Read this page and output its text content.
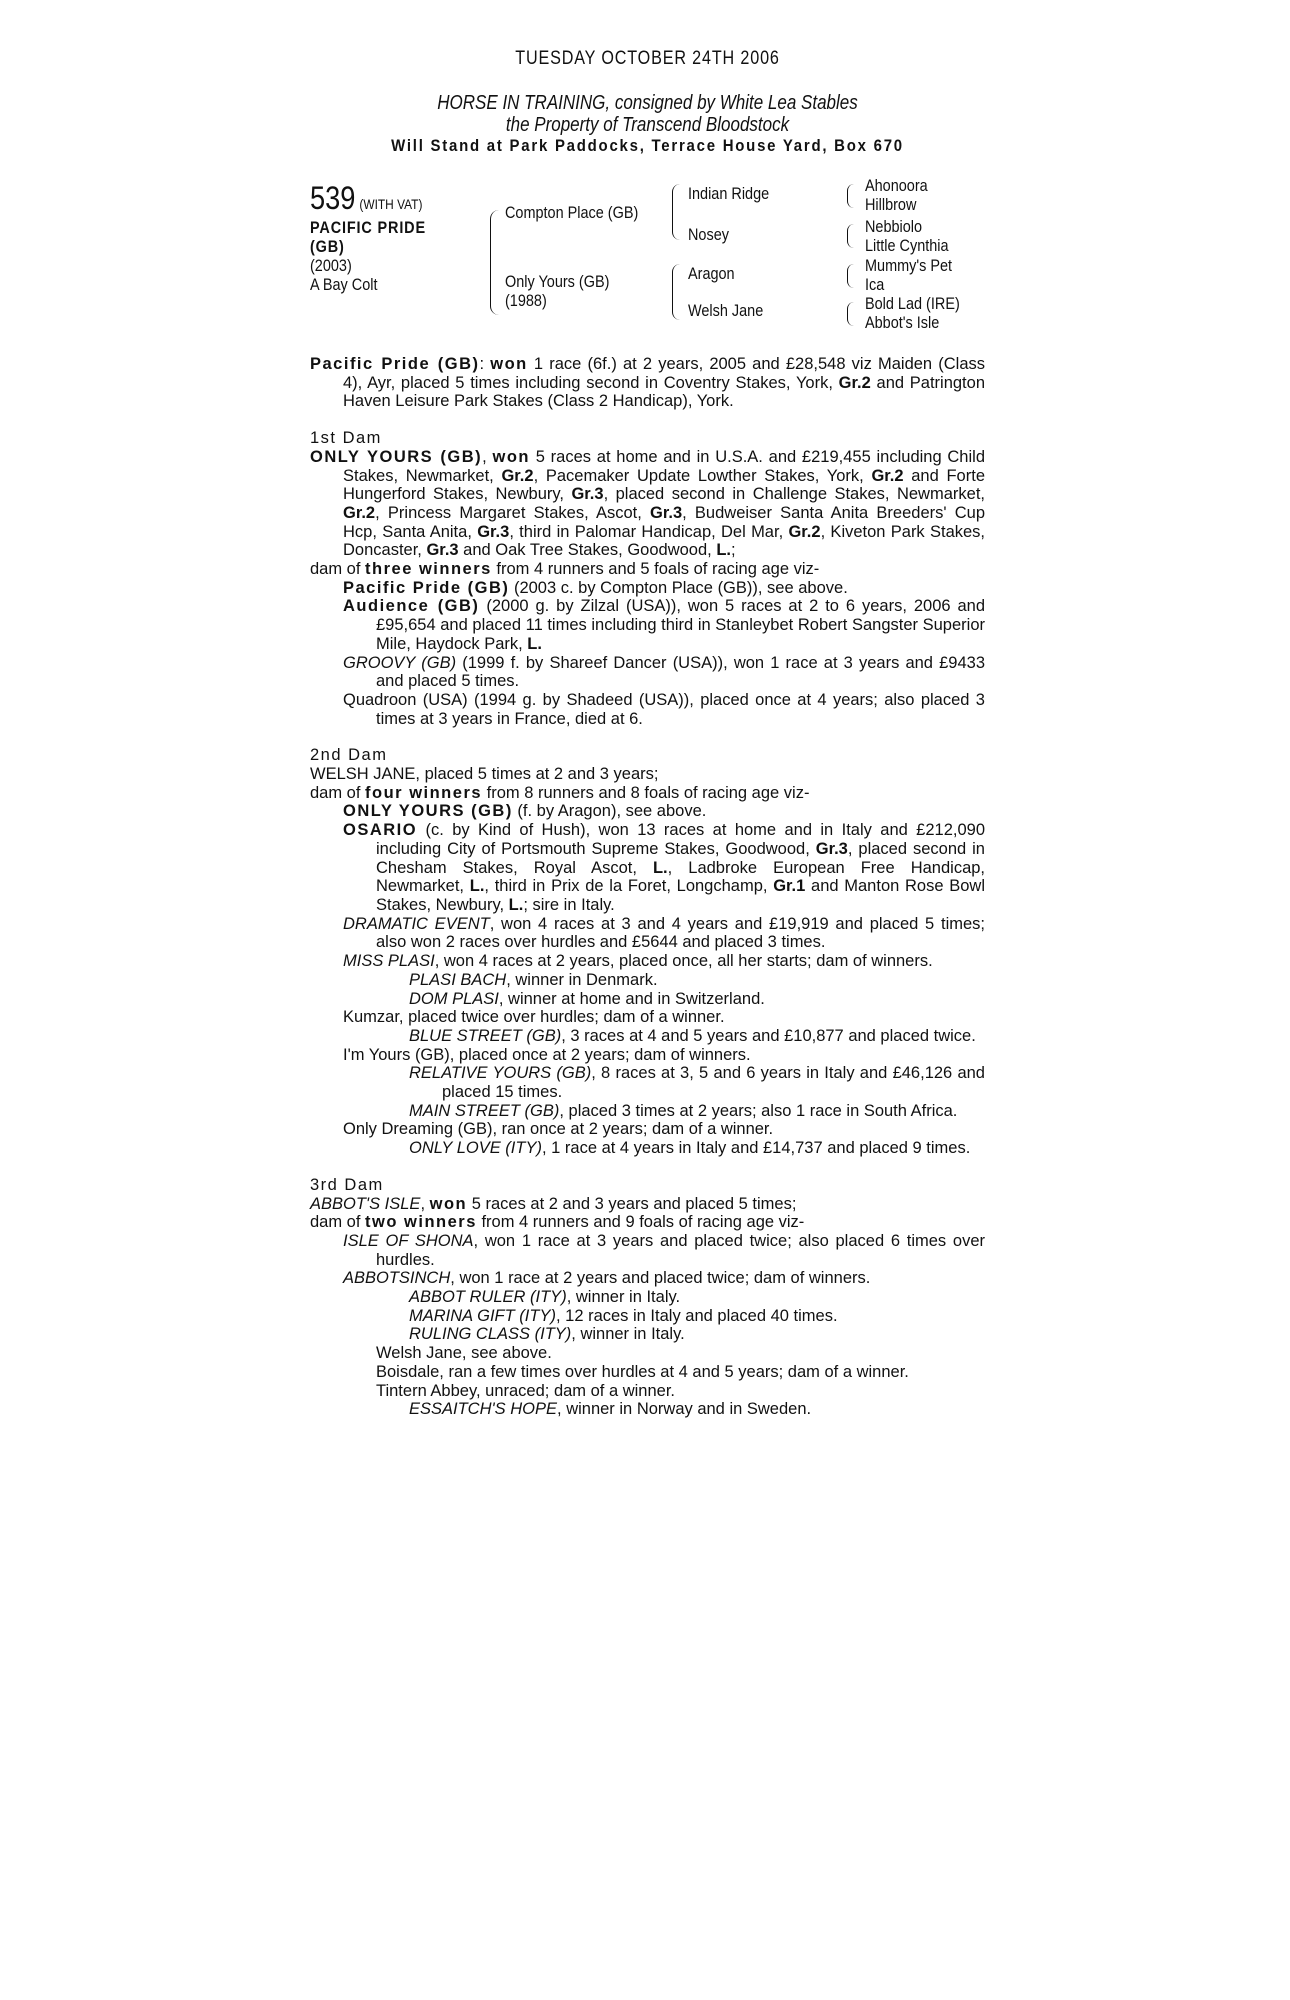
TUESDAY OCTOBER 24TH 2006
HORSE IN TRAINING, consigned by White Lea Stables
the Property of Transcend Bloodstock
Will Stand at Park Paddocks, Terrace House Yard, Box 670
539 (WITH VAT)
PACIFIC PRIDE
(GB)
(2003)
A Bay Colt
Compton Place (GB)
Only Yours (GB)
(1988)
Indian Ridge
Nosey
Aragon
Welsh Jane
Ahonoora
Hillbrow
Nebbiolo
Little Cynthia
Mummy's Pet
Ica
Bold Lad (IRE)
Abbot's Isle

Pacific Pride (GB): won 1 race (6f.) at 2 years, 2005 and £28,548 viz Maiden (Class 4), Ayr, placed 5 times including second in Coventry Stakes, York, Gr.2 and Patrington Haven Leisure Park Stakes (Class 2 Handicap), York.

1st Dam

ONLY YOURS (GB), won 5 races at home and in U.S.A. and £219,455 including Child Stakes, Newmarket, Gr.2, Pacemaker Update Lowther Stakes, York, Gr.2 and Forte Hungerford Stakes, Newbury, Gr.3, placed second in Challenge Stakes, Newmarket, Gr.2, Princess Margaret Stakes, Ascot, Gr.3, Budweiser Santa Anita Breeders' Cup Hcp, Santa Anita, Gr.3, third in Palomar Handicap, Del Mar, Gr.2, Kiveton Park Stakes, Doncaster, Gr.3 and Oak Tree Stakes, Goodwood, L.;

dam of three winners from 4 runners and 5 foals of racing age viz-

Pacific Pride (GB) (2003 c. by Compton Place (GB)), see above.

Audience (GB) (2000 g. by Zilzal (USA)), won 5 races at 2 to 6 years, 2006 and £95,654 and placed 11 times including third in Stanleybet Robert Sangster Superior Mile, Haydock Park, L.

GROOVY (GB) (1999 f. by Shareef Dancer (USA)), won 1 race at 3 years and £9433 and placed 5 times.

Quadroon (USA) (1994 g. by Shadeed (USA)), placed once at 4 years; also placed 3 times at 3 years in France, died at 6.

2nd Dam

WELSH JANE, placed 5 times at 2 and 3 years;

dam of four winners from 8 runners and 8 foals of racing age viz-

ONLY YOURS (GB) (f. by Aragon), see above.

OSARIO (c. by Kind of Hush), won 13 races at home and in Italy and £212,090 including City of Portsmouth Supreme Stakes, Goodwood, Gr.3, placed second in Chesham Stakes, Royal Ascot, L., Ladbroke European Free Handicap, Newmarket, L., third in Prix de la Foret, Longchamp, Gr.1 and Manton Rose Bowl Stakes, Newbury, L.; sire in Italy.

DRAMATIC EVENT, won 4 races at 3 and 4 years and £19,919 and placed 5 times; also won 2 races over hurdles and £5644 and placed 3 times.

MISS PLASI, won 4 races at 2 years, placed once, all her starts; dam of winners.

PLASI BACH, winner in Denmark.

DOM PLASI, winner at home and in Switzerland.

Kumzar, placed twice over hurdles; dam of a winner.

BLUE STREET (GB), 3 races at 4 and 5 years and £10,877 and placed twice.

I'm Yours (GB), placed once at 2 years; dam of winners.

RELATIVE YOURS (GB), 8 races at 3, 5 and 6 years in Italy and £46,126 and placed 15 times.

MAIN STREET (GB), placed 3 times at 2 years; also 1 race in South Africa.

Only Dreaming (GB), ran once at 2 years; dam of a winner.

ONLY LOVE (ITY), 1 race at 4 years in Italy and £14,737 and placed 9 times.

3rd Dam

ABBOT'S ISLE, won 5 races at 2 and 3 years and placed 5 times;

dam of two winners from 4 runners and 9 foals of racing age viz-

ISLE OF SHONA, won 1 race at 3 years and placed twice; also placed 6 times over hurdles.

ABBOTSINCH, won 1 race at 2 years and placed twice; dam of winners.

ABBOT RULER (ITY), winner in Italy.

MARINA GIFT (ITY), 12 races in Italy and placed 40 times.

RULING CLASS (ITY), winner in Italy.

Welsh Jane, see above.

Boisdale, ran a few times over hurdles at 4 and 5 years; dam of a winner.

Tintern Abbey, unraced; dam of a winner.

ESSAITCH'S HOPE, winner in Norway and in Sweden.
